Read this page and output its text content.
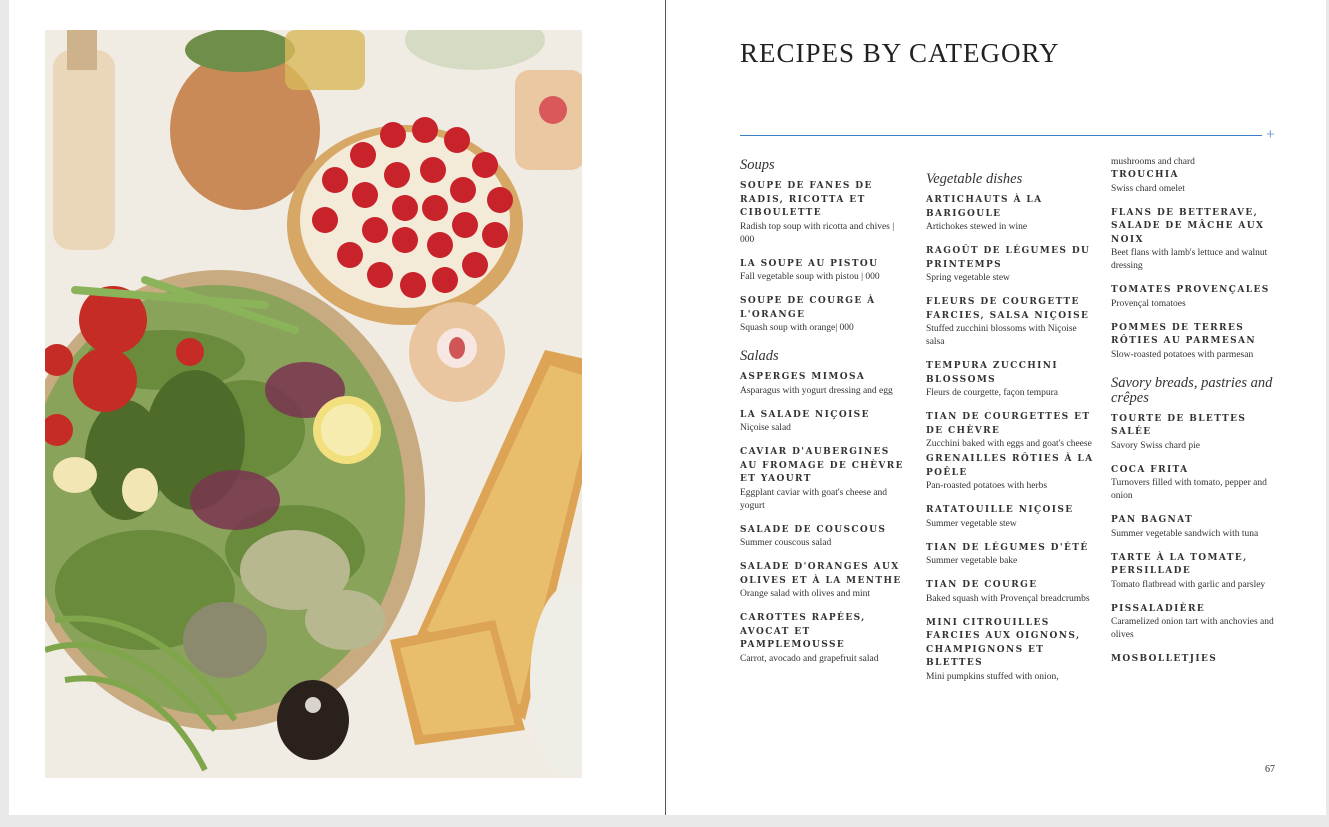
RECIPES BY CATEGORY
+
Soups
SOUPE DE FANES DE RADIS, RICOTTA ET CIBOULETTE
Radish top soup with ricotta and chives | 000
LA SOUPE AU PISTOU
Fall vegetable soup with pistou | 000
SOUPE DE COURGE À L'ORANGE
Squash soup with orange| 000
Salads
ASPERGES MIMOSA
Asparagus with yogurt dressing and egg
LA SALADE NIÇOISE
Niçoise salad
CAVIAR D'AUBERGINES AU FROMAGE DE CHÈVRE ET YAOURT
Eggplant caviar with goat's cheese and yogurt
SALADE DE COUSCOUS
Summer couscous salad
SALADE D'ORANGES AUX OLIVES ET À LA MENTHE
Orange salad with olives and mint
CAROTTES RAPÉES, AVOCAT ET PAMPLEMOUSSE
Carrot, avocado and grapefruit salad
Vegetable dishes
ARTICHAUTS À LA BARIGOULE
Artichokes stewed in wine
RAGOÛT DE LÉGUMES DU PRINTEMPS
Spring vegetable stew
FLEURS DE COURGETTE FARCIES, SALSA NIÇOISE
Stuffed zucchini blossoms with Niçoise salsa
TEMPURA ZUCCHINI BLOSSOMS
Fleurs de courgette, façon tempura
TIAN DE COURGETTES ET DE CHÈVRE
Zucchini baked with eggs and goat's cheese
GRENAILLES RÔTIES À LA POÊLE
Pan-roasted potatoes with herbs
RATATOUILLE NIÇOISE
Summer vegetable stew
TIAN DE LÉGUMES D'ÉTÉ
Summer vegetable bake
TIAN DE COURGE
Baked squash with Provençal breadcrumbs
MINI CITROUILLES FARCIES AUX OIGNONS, CHAMPIGNONS ET BLETTES
Mini pumpkins stuffed with onion,
mushrooms and chard
TROUCHIA
Swiss chard omelet
FLANS DE BETTERAVE, SALADE DE MÂCHE AUX NOIX
Beet flans with lamb's lettuce and walnut dressing
TOMATES PROVENÇALES
Provençal tomatoes
POMMES DE TERRES RÔTIES AU PARMESAN
Slow-roasted potatoes with parmesan
Savory breads, pastries and crêpes
TOURTE DE BLETTES SALÉE
Savory Swiss chard pie
COCA FRITA
Turnovers filled with tomato, pepper and onion
PAN BAGNAT
Summer vegetable sandwich with tuna
TARTE À LA TOMATE, PERSILLADE
Tomato flatbread with garlic and parsley
PISSALADIÈRE
Caramelized onion tart with anchovies and olives
MOSBOLLETJIES
67
